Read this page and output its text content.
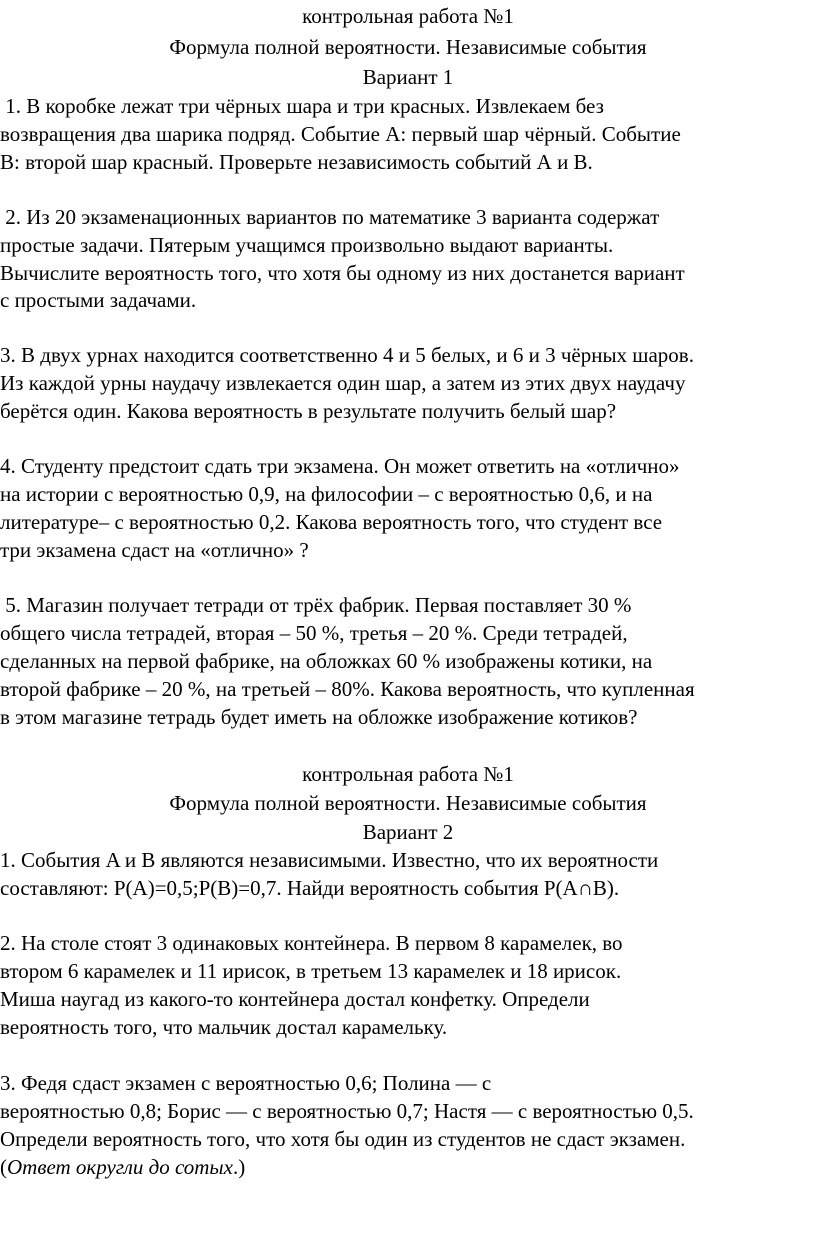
контрольная работа №1

Формула полной вероятности. Независимые события

Вариант 1

1. В коробке лежат три чёрных шара и три красных. Извлекаем без

возвращения два шарика подряд. Событие А: первый шар чёрный. Событие

В: второй шар красный. Проверьте независимость событий А и В.

2. Из 20 экзаменационных вариантов по математике 3 варианта содержат

простые задачи. Пятерым учащимся произвольно выдают варианты.

Вычислите вероятность того, что хотя бы одному из них достанется вариант

с простыми задачами.

3. В двух урнах находится соответственно 4 и 5 белых, и 6 и 3 чёрных шаров.

Из каждой урны наудачу извлекается один шар, а затем из этих двух наудачу

берётся один. Какова вероятность в результате получить белый шар?

4. Студенту предстоит сдать три экзамена. Он может ответить на «отлично»

на истории с вероятностью 0,9, на философии – с вероятностью 0,6, и на

литературе– с вероятностью 0,2. Какова вероятность того, что студент все

три экзамена сдаст на «отлично» ?

5. Магазин получает тетради от трёх фабрик. Первая поставляет 30 %

общего числа тетрадей, вторая – 50 %, третья – 20 %. Среди тетрадей,

сделанных на первой фабрике, на обложках 60 % изображены котики, на

второй фабрике – 20 %, на третьей – 80%. Какова вероятность, что купленная

в этом магазине тетрадь будет иметь на обложке изображение котиков?

контрольная работа №1

Формула полной вероятности. Независимые события

Вариант 2

1. События A и B являются независимыми. Известно, что их вероятности

составляют: P(A)=0,5;P(B)=0,7. Найди вероятность события P(A∩B).

2. На столе стоят 3 одинаковых контейнера. В первом 8 карамелек, во

втором 6 карамелек и 11 ирисок, в третьем 13 карамелек и 18 ирисок.

Миша наугад из какого-то контейнера достал конфетку. Определи

вероятность того, что мальчик достал карамельку.

3. Федя сдаст экзамен с вероятностью 0,6; Полина — с

вероятностью 0,8; Борис — с вероятностью 0,7; Настя — с вероятностью 0,5.

Определи вероятность того, что хотя бы один из студентов не сдаст экзамен.

(Ответ округли до сотых.)
